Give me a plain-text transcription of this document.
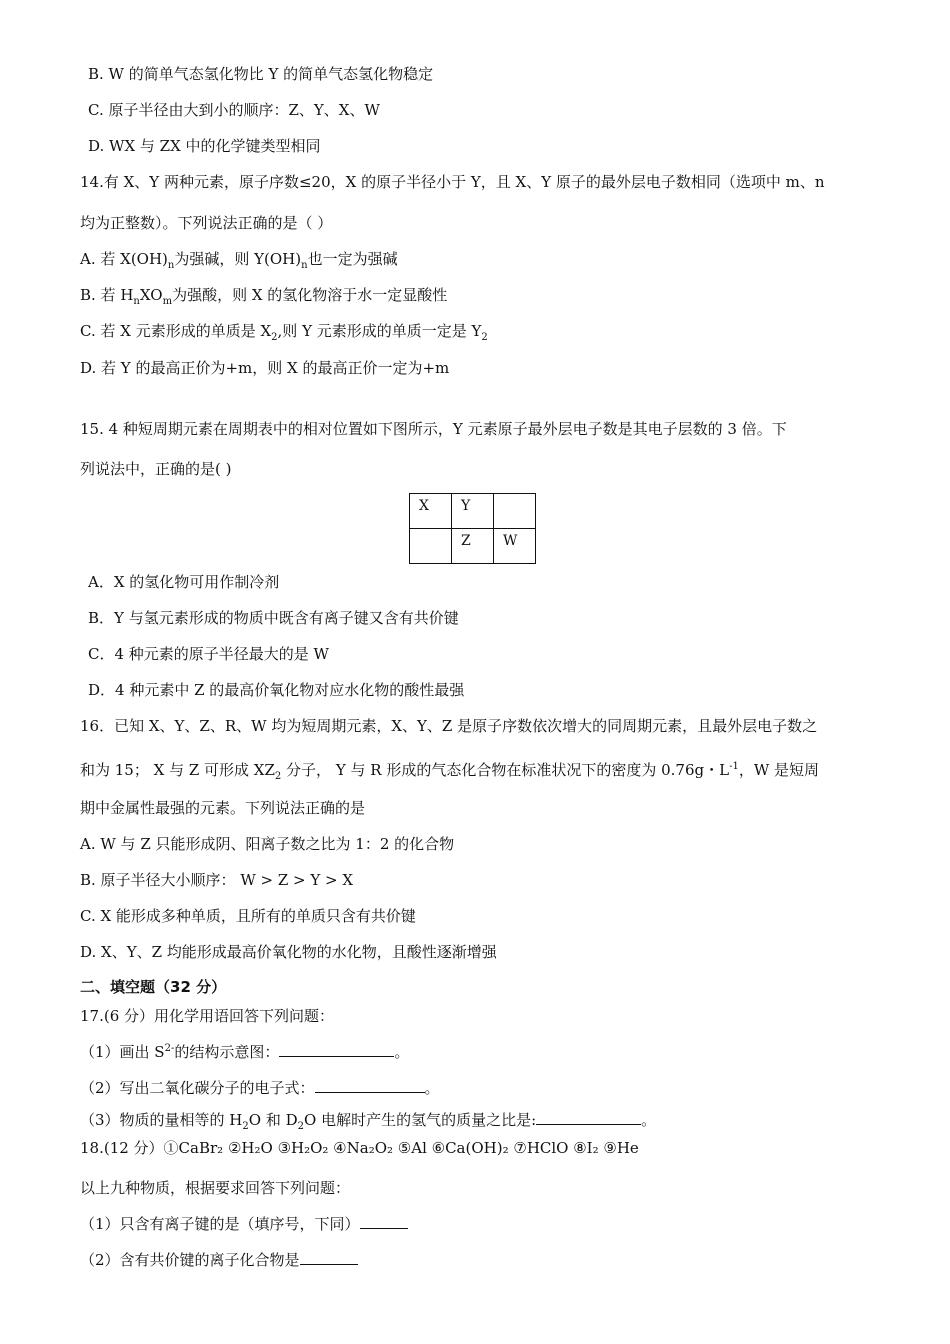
B. W 的简单气态氢化物比 Y 的简单气态氢化物稳定
C. 原子半径由大到小的顺序：Z、Y、X、W
D. WX 与 ZX 中的化学键类型相同
14.有 X、Y 两种元素，原子序数≤20，X 的原子半径小于 Y，且 X、Y 原子的最外层电子数相同（选项中 m、n
均为正整数）。下列说法正确的是（ ）
A. 若 $X(OH)_n$为强碱，则 $Y(OH)_n$也一定为强碱
B. 若 $H_nXO_m$为强酸，则 X 的氢化物溶于水一定显酸性
C. 若 X 元素形成的单质是 $X_2$,则 Y 元素形成的单质一定是 $Y_2$
D. 若 Y 的最高正价为+m，则 X 的最高正价一定为+m
15. 4 种短周期元素在周期表中的相对位置如下图所示，Y 元素原子最外层电子数是其电子层数的 3 倍。下
列说法中，正确的是( )
X	Y	
	Z	W
A．X 的氢化物可用作制冷剂
B．Y 与氢元素形成的物质中既含有离子键又含有共价键
C．4 种元素的原子半径最大的是 W
D．4 种元素中 Z 的最高价氧化物对应水化物的酸性最强
16．已知 X、Y、Z、R、W 均为短周期元素，X、Y、Z 是原子序数依次增大的同周期元素，且最外层电子数之
和为 15； X 与 Z 可形成 $XZ_2$ 分子， Y 与 R 形成的气态化合物在标准状况下的密度为 0.76g・$L^{-1}$，W 是短周
期中金属性最强的元素。下列说法正确的是
A. W 与 Z 只能形成阴、阳离子数之比为 1：2 的化合物
B. 原子半径大小顺序： W > Z > Y > X
C. X 能形成多种单质，且所有的单质只含有共价键
D. X、Y、Z 均能形成最高价氧化物的水化物，且酸性逐渐增强
二、填空题（32 分）
17.(6 分）用化学用语回答下列问题：
（1）画出 $S^{2-}$的结构示意图：	。
（2）写出二氧化碳分子的电子式：	。
（3）物质的量相等的 $H_2O$ 和 $D_2O$ 电解时产生的氢气的质量之比是:	。
18.(12 分）①CaBr₂ ②H₂O ③H₂O₂ ④Na₂O₂ ⑤Al ⑥Ca(OH)₂ ⑦HClO ⑧I₂ ⑨He
以上九种物质，根据要求回答下列问题：
（1）只含有离子键的是（填序号，下同）
（2）含有共价键的离子化合物是
